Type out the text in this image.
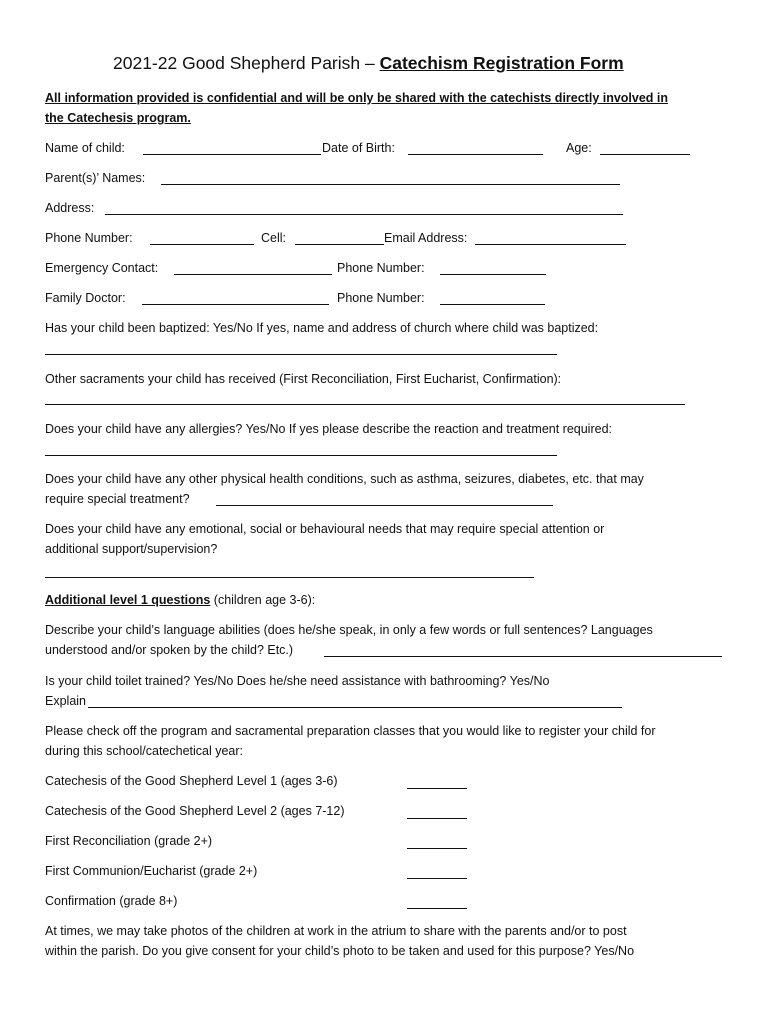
2021-22 Good Shepherd Parish – Catechism Registration Form
All information provided is confidential and will be only be shared with the catechists directly involved in
the Catechesis program.
Name of child:	Date of Birth:	Age:
Parent(s)’ Names:
Address:
Phone Number:	Cell:	Email Address:
Emergency Contact:	Phone Number:
Family Doctor:	Phone Number:
Has your child been baptized: Yes/No If yes, name and address of church where child was baptized:
Other sacraments your child has received (First Reconciliation, First Eucharist, Confirmation):
Does your child have any allergies? Yes/No If yes please describe the reaction and treatment required:
Does your child have any other physical health conditions, such as asthma, seizures, diabetes, etc. that may
require special treatment?
Does your child have any emotional, social or behavioural needs that may require special attention or
additional support/supervision?
Additional level 1 questions (children age 3-6):
Describe your child’s language abilities (does he/she speak, in only a few words or full sentences? Languages
understood and/or spoken by the child? Etc.)
Is your child toilet trained? Yes/No Does he/she need assistance with bathrooming? Yes/No
Explain
Please check off the program and sacramental preparation classes that you would like to register your child for
during this school/catechetical year:
Catechesis of the Good Shepherd Level 1 (ages 3-6)
Catechesis of the Good Shepherd Level 2 (ages 7-12)
First Reconciliation (grade 2+)
First Communion/Eucharist (grade 2+)
Confirmation (grade 8+)
At times, we may take photos of the children at work in the atrium to share with the parents and/or to post
within the parish. Do you give consent for your child’s photo to be taken and used for this purpose? Yes/No
